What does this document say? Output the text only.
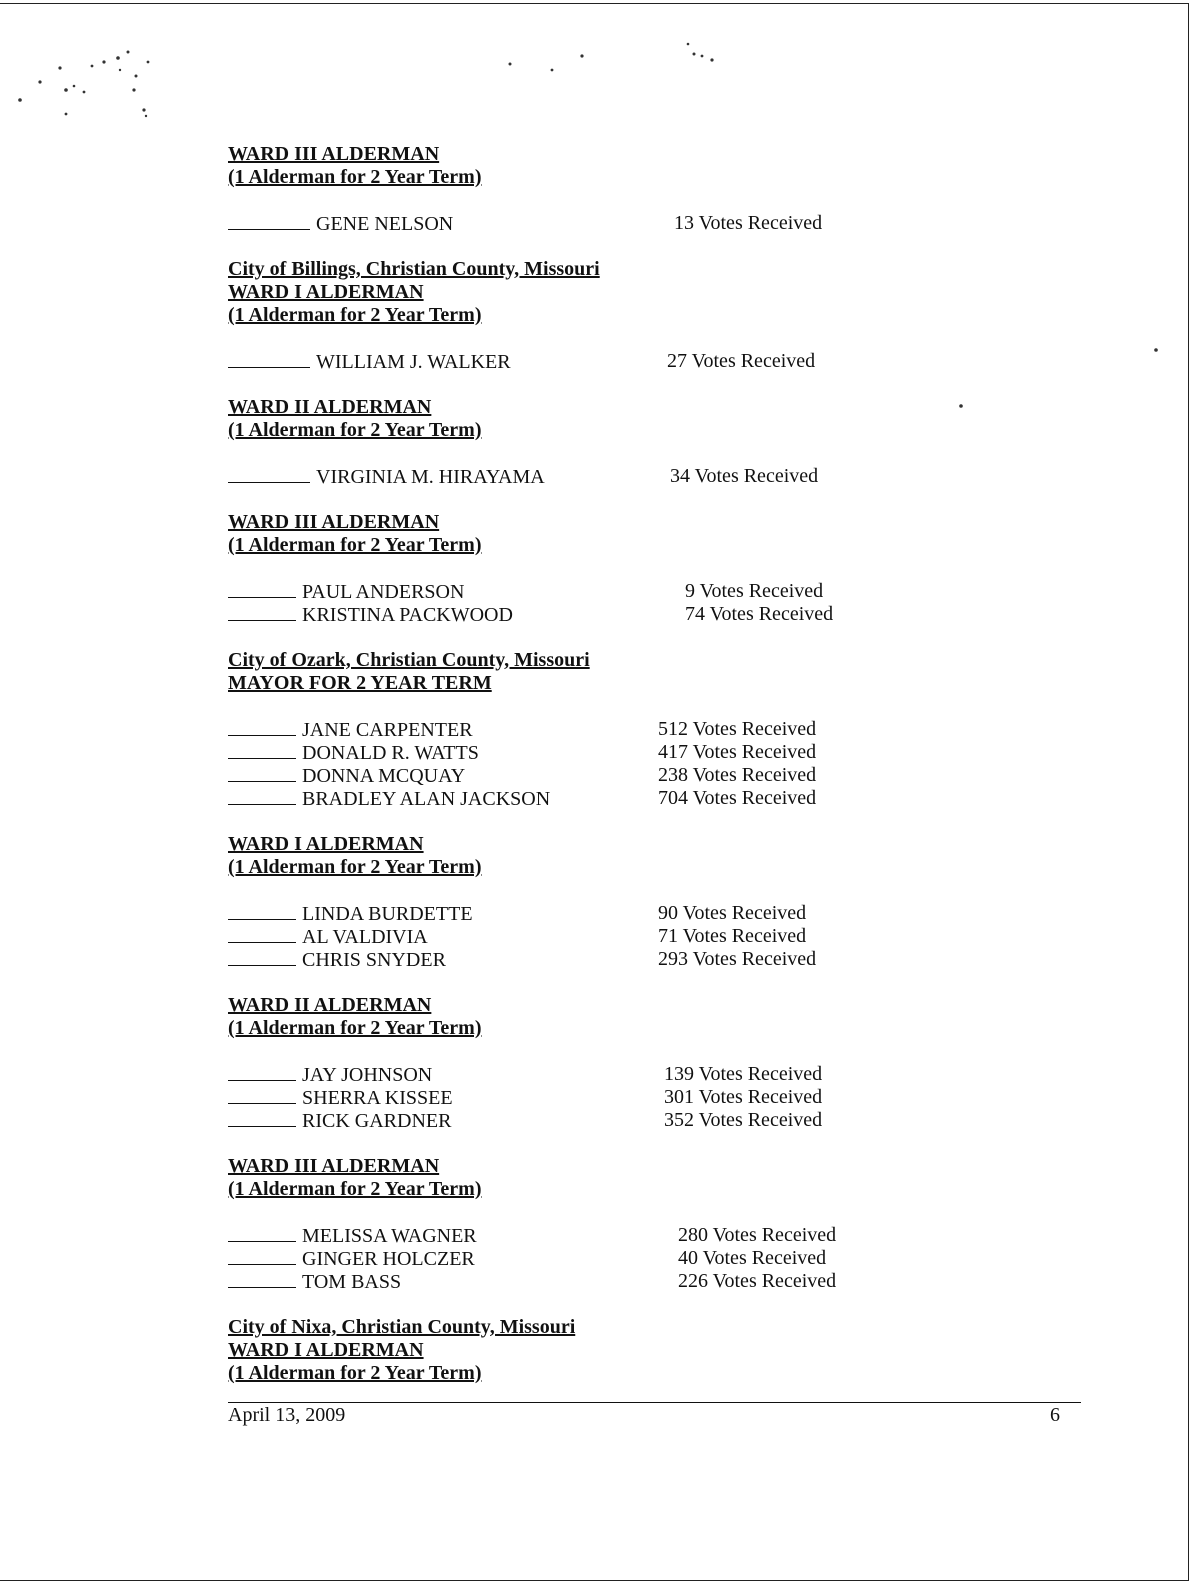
WARD III ALDERMAN
(1 Alderman for 2 Year Term)
GENE NELSON	13 Votes Received
City of Billings, Christian County, Missouri
WARD I ALDERMAN
(1 Alderman for 2 Year Term)
WILLIAM J. WALKER	27 Votes Received
WARD II ALDERMAN
(1 Alderman for 2 Year Term)
VIRGINIA M. HIRAYAMA	34 Votes Received
WARD III ALDERMAN
(1 Alderman for 2 Year Term)
PAUL ANDERSON	9 Votes Received
KRISTINA PACKWOOD	74 Votes Received
City of Ozark, Christian County, Missouri
MAYOR FOR 2 YEAR TERM
JANE CARPENTER	512 Votes Received
DONALD R. WATTS	417 Votes Received
DONNA MCQUAY	238 Votes Received
BRADLEY ALAN JACKSON	704 Votes Received
WARD I ALDERMAN
(1 Alderman for 2 Year Term)
LINDA BURDETTE	90 Votes Received
AL VALDIVIA	71 Votes Received
CHRIS SNYDER	293 Votes Received
WARD II ALDERMAN
(1 Alderman for 2 Year Term)
JAY JOHNSON	139 Votes Received
SHERRA KISSEE	301 Votes Received
RICK GARDNER	352 Votes Received
WARD III ALDERMAN
(1 Alderman for 2 Year Term)
MELISSA WAGNER	280 Votes Received
GINGER HOLCZER	40 Votes Received
TOM BASS	226 Votes Received
City of Nixa, Christian County, Missouri
WARD I ALDERMAN
(1 Alderman for 2 Year Term)
April 13, 2009	6
